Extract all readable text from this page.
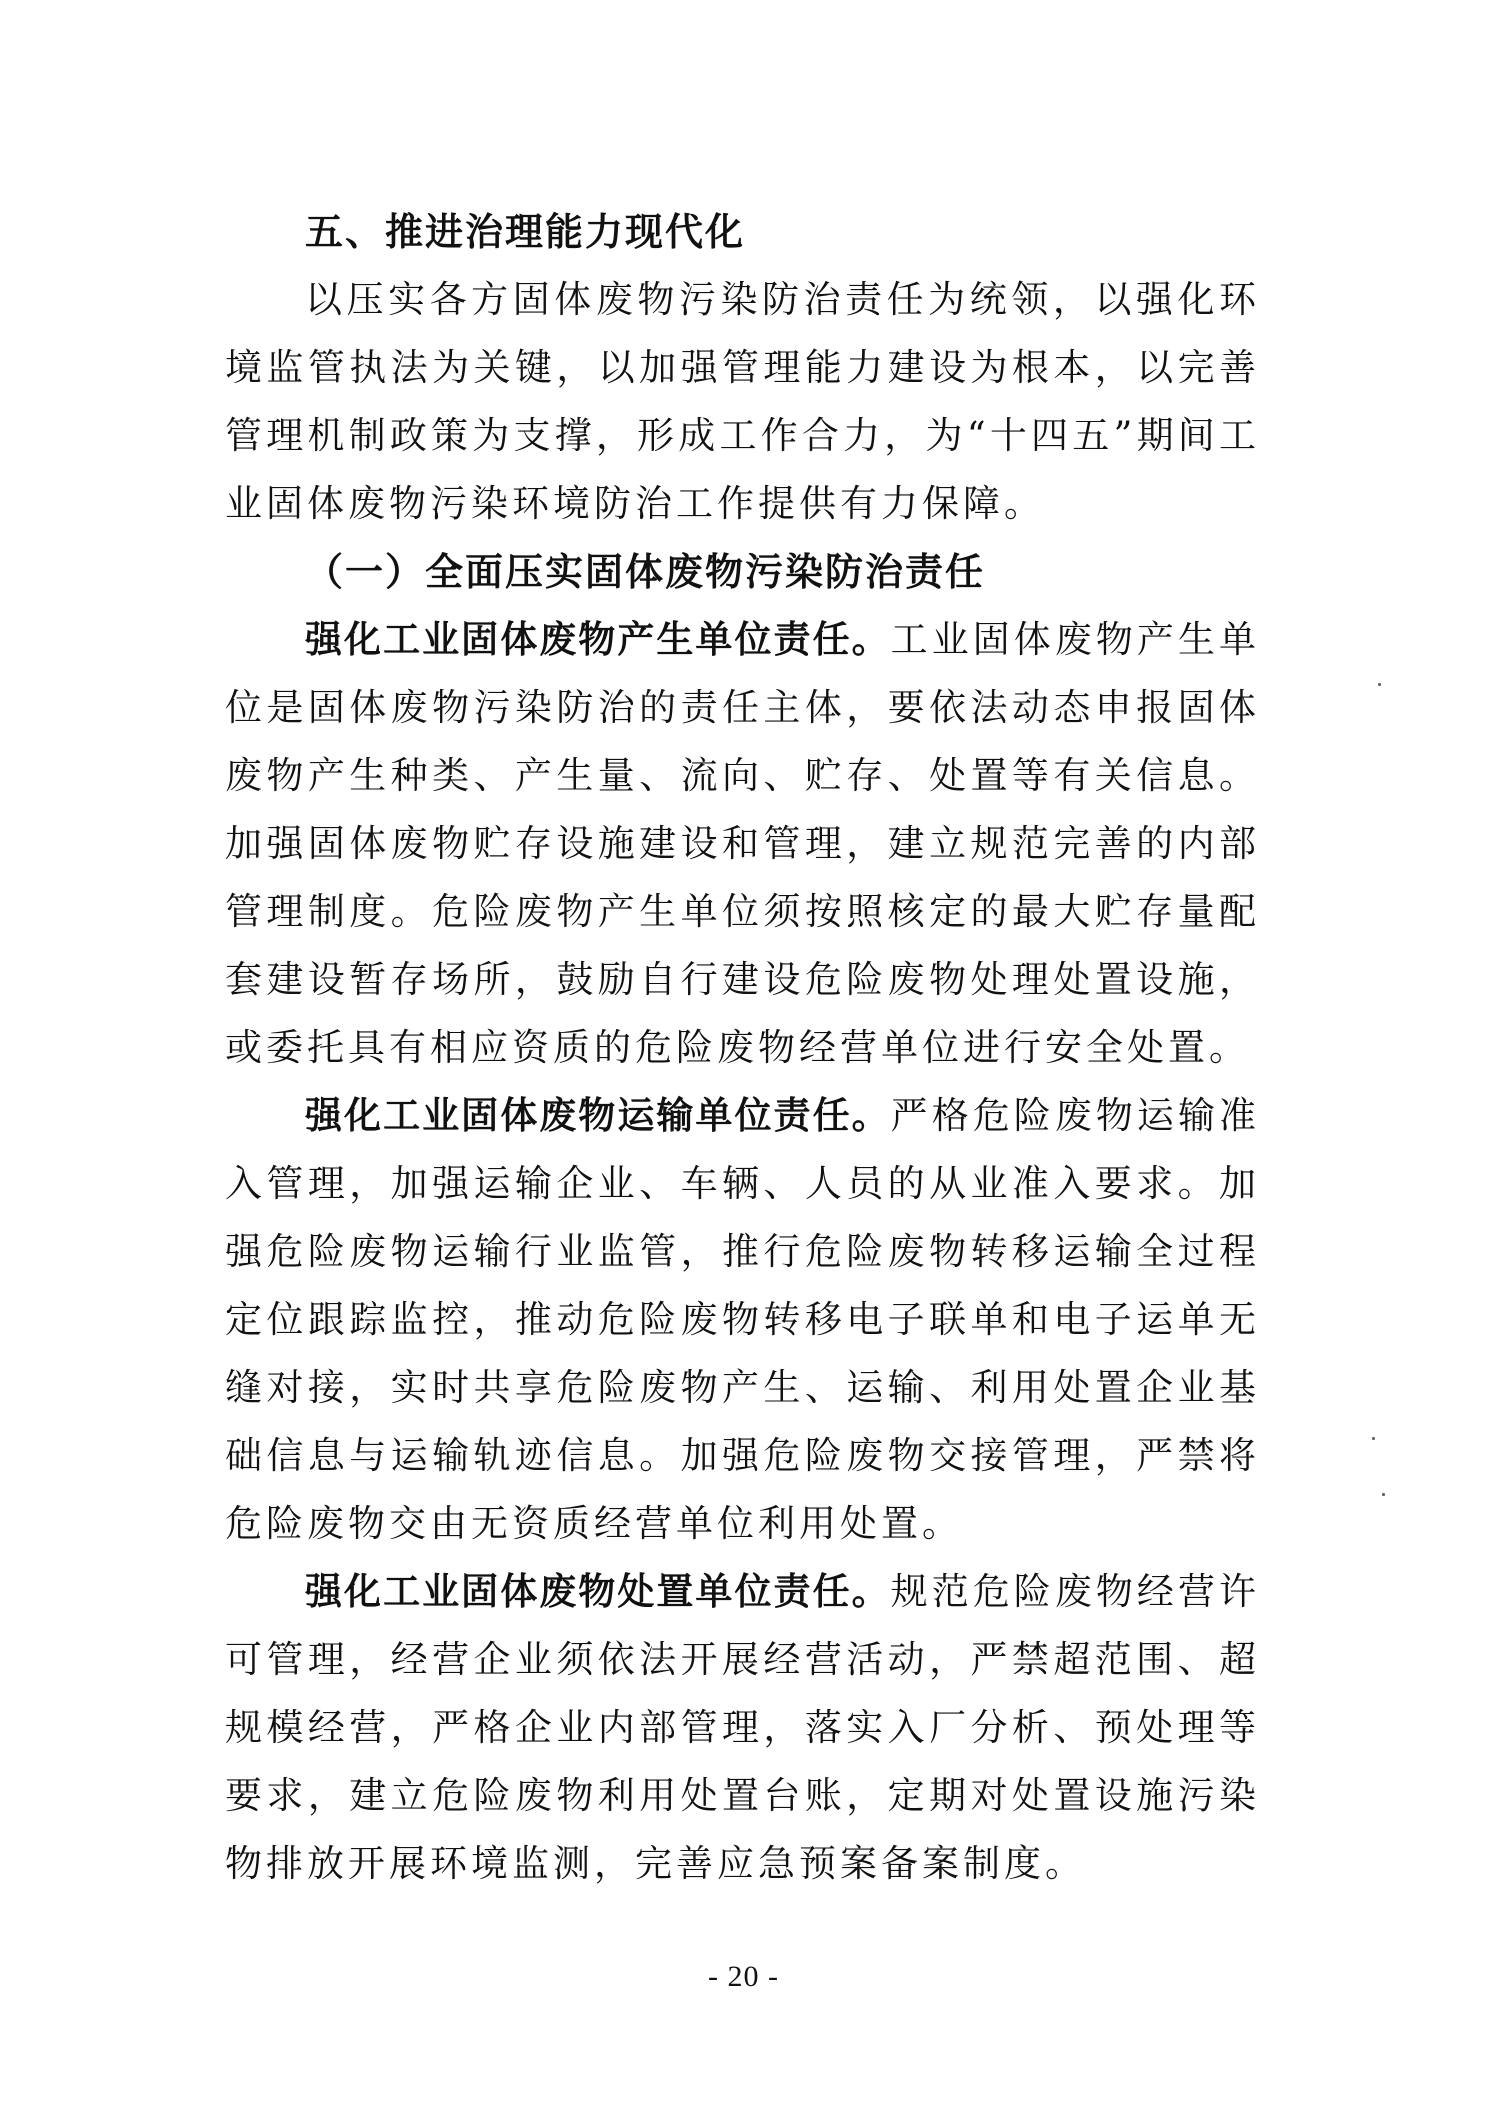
五、推进治理能力现代化

以压实各方固体废物污染防治责任为统领，以强化环境监管执法为关键，以加强管理能力建设为根本，以完善管理机制政策为支撑，形成工作合力，为“十四五”期间工业固体废物污染环境防治工作提供有力保障。

（一）全面压实固体废物污染防治责任

强化工业固体废物产生单位责任。工业固体废物产生单位是固体废物污染防治的责任主体，要依法动态申报固体废物产生种类、产生量、流向、贮存、处置等有关信息。加强固体废物贮存设施建设和管理，建立规范完善的内部管理制度。危险废物产生单位须按照核定的最大贮存量配套建设暂存场所，鼓励自行建设危险废物处理处置设施，或委托具有相应资质的危险废物经营单位进行安全处置。

强化工业固体废物运输单位责任。严格危险废物运输准入管理，加强运输企业、车辆、人员的从业准入要求。加强危险废物运输行业监管，推行危险废物转移运输全过程定位跟踪监控，推动危险废物转移电子联单和电子运单无缝对接，实时共享危险废物产生、运输、利用处置企业基础信息与运输轨迹信息。加强危险废物交接管理，严禁将危险废物交由无资质经营单位利用处置。

强化工业固体废物处置单位责任。规范危险废物经营许可管理，经营企业须依法开展经营活动，严禁超范围、超规模经营，严格企业内部管理，落实入厂分析、预处理等要求，建立危险废物利用处置台账，定期对处置设施污染物排放开展环境监测，完善应急预案备案制度。

- 20 -
